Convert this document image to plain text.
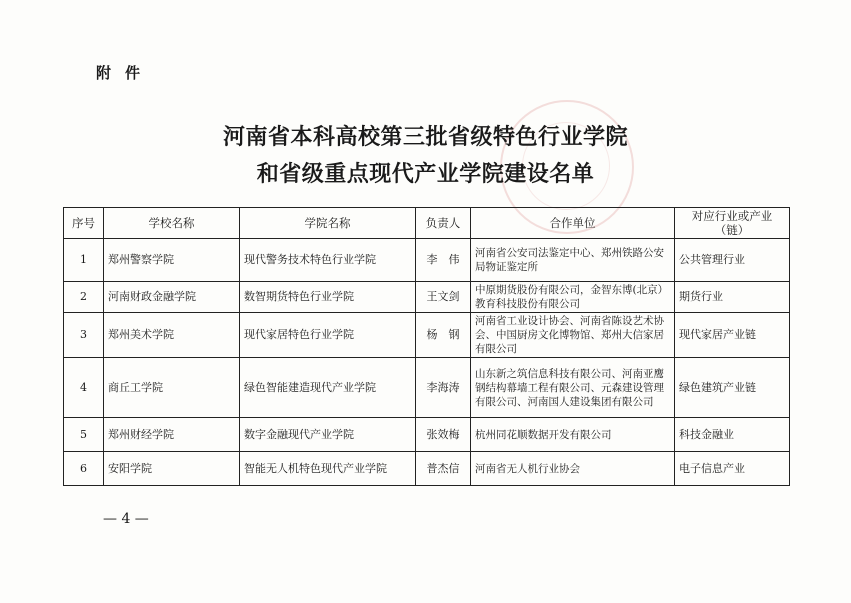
附件
河南省本科高校第三批省级特色行业学院
和省级重点现代产业学院建设名单
序号	学校名称	学院名称	负责人	合作单位	对应行业或产业（链）
1	郑州警察学院	现代警务技术特色行业学院	李　伟	河南省公安司法鉴定中心、郑州铁路公安局物证鉴定所	公共管理行业
2	河南财政金融学院	数智期货特色行业学院	王文剑	中原期货股份有限公司，金智东博(北京）教育科技股份有限公司	期货行业
3	郑州美术学院	现代家居特色行业学院	杨　钢	河南省工业设计协会、河南省陈设艺术协会、中国厨房文化博物馆、郑州大信家居有限公司	现代家居产业链
4	商丘工学院	绿色智能建造现代产业学院	李海涛	山东新之筑信息科技有限公司、河南亚鹰钢结构幕墙工程有限公司、元森建设管理有限公司、河南国人建设集团有限公司	绿色建筑产业链
5	郑州财经学院	数字金融现代产业学院	张效梅	杭州同花顺数据开发有限公司	科技金融业
6	安阳学院	智能无人机特色现代产业学院	普杰信	河南省无人机行业协会	电子信息产业
— 4 —
